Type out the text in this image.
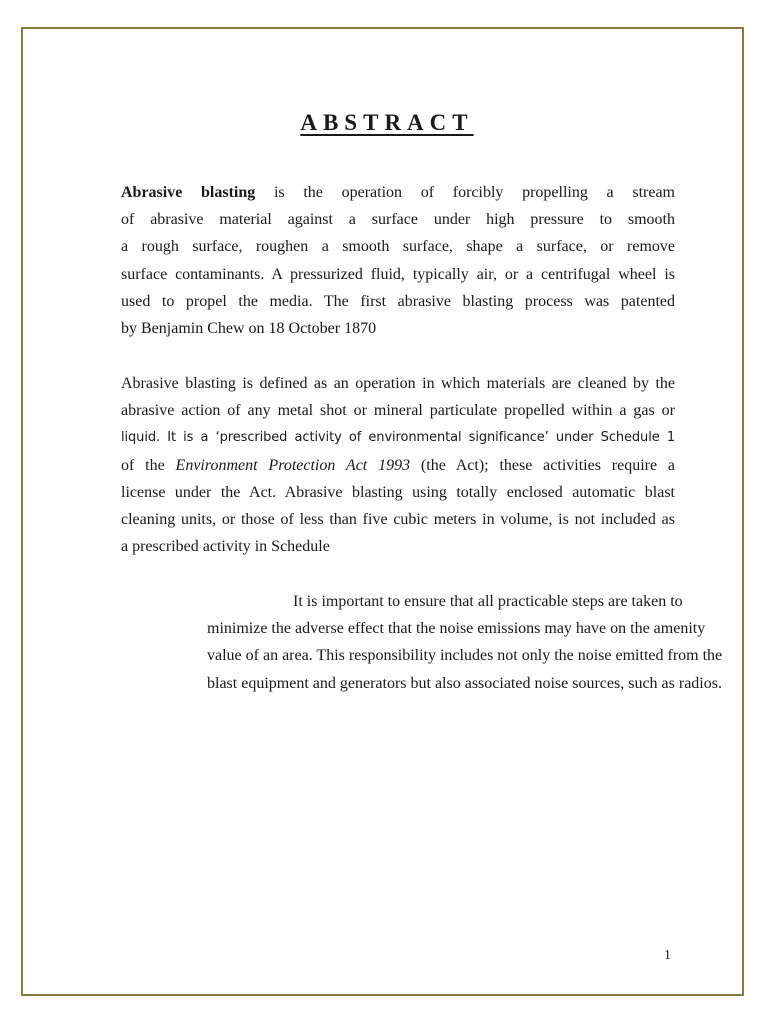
ABSTRACT
Abrasive blasting is the operation of forcibly propelling a stream
of abrasive material against a surface under high pressure to smooth
a rough surface, roughen a smooth surface, shape a surface, or remove
surface contaminants. A pressurized fluid, typically air, or a centrifugal wheel is
used to propel the media. The first abrasive blasting process was patented
by Benjamin Chew on 18 October 1870
Abrasive blasting is defined as an operation in which materials are cleaned by the
abrasive action of any metal shot or mineral particulate propelled within a gas or
liquid. It is a ‘prescribed activity of environmental significance’ under Schedule 1
of the Environment Protection Act 1993 (the Act); these activities require a
license under the Act. Abrasive blasting using totally enclosed automatic blast
cleaning units, or those of less than five cubic meters in volume, is not included as
a prescribed activity in Schedule
It is important to ensure that all practicable steps are taken to
minimize the adverse effect that the noise emissions may have on the amenity
value of an area. This responsibility includes not only the noise emitted from the
blast equipment and generators but also associated noise sources, such as radios.
1
